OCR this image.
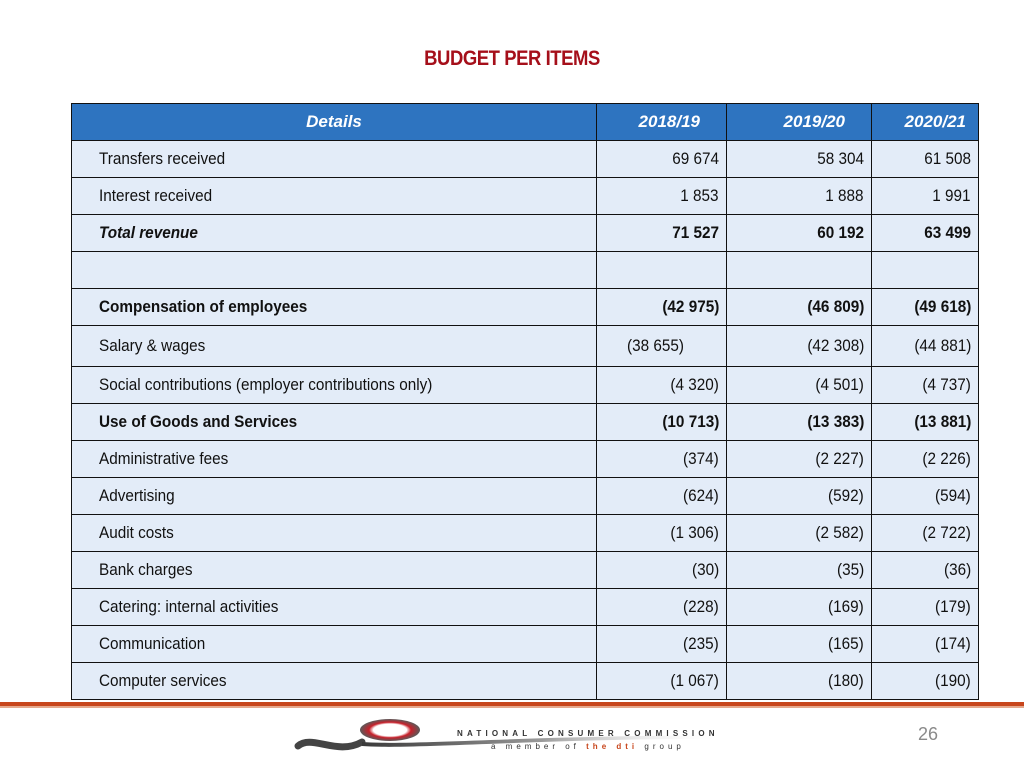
BUDGET PER ITEMS
Details	2018/19	2019/20	2020/21
Transfers received	69 674	58 304	61 508
Interest received	1 853	1 888	1 991
Total revenue	71 527	60 192	63 499

Compensation of employees	(42 975)	(46 809)	(49 618)
Salary & wages	(38 655)	(42 308)	(44 881)
Social contributions (employer contributions only)	(4 320)	(4 501)	(4 737)
Use of Goods and Services	(10 713)	(13 383)	(13 881)
Administrative fees	(374)	(2 227)	(2 226)
Advertising	(624)	(592)	(594)
Audit costs	(1 306)	(2 582)	(2 722)
Bank charges	(30)	(35)	(36)
Catering: internal activities	(228)	(169)	(179)
Communication	(235)	(165)	(174)
Computer services	(1 067)	(180)	(190)
NATIONAL CONSUMER COMMISSION
a member of the dti group
26
